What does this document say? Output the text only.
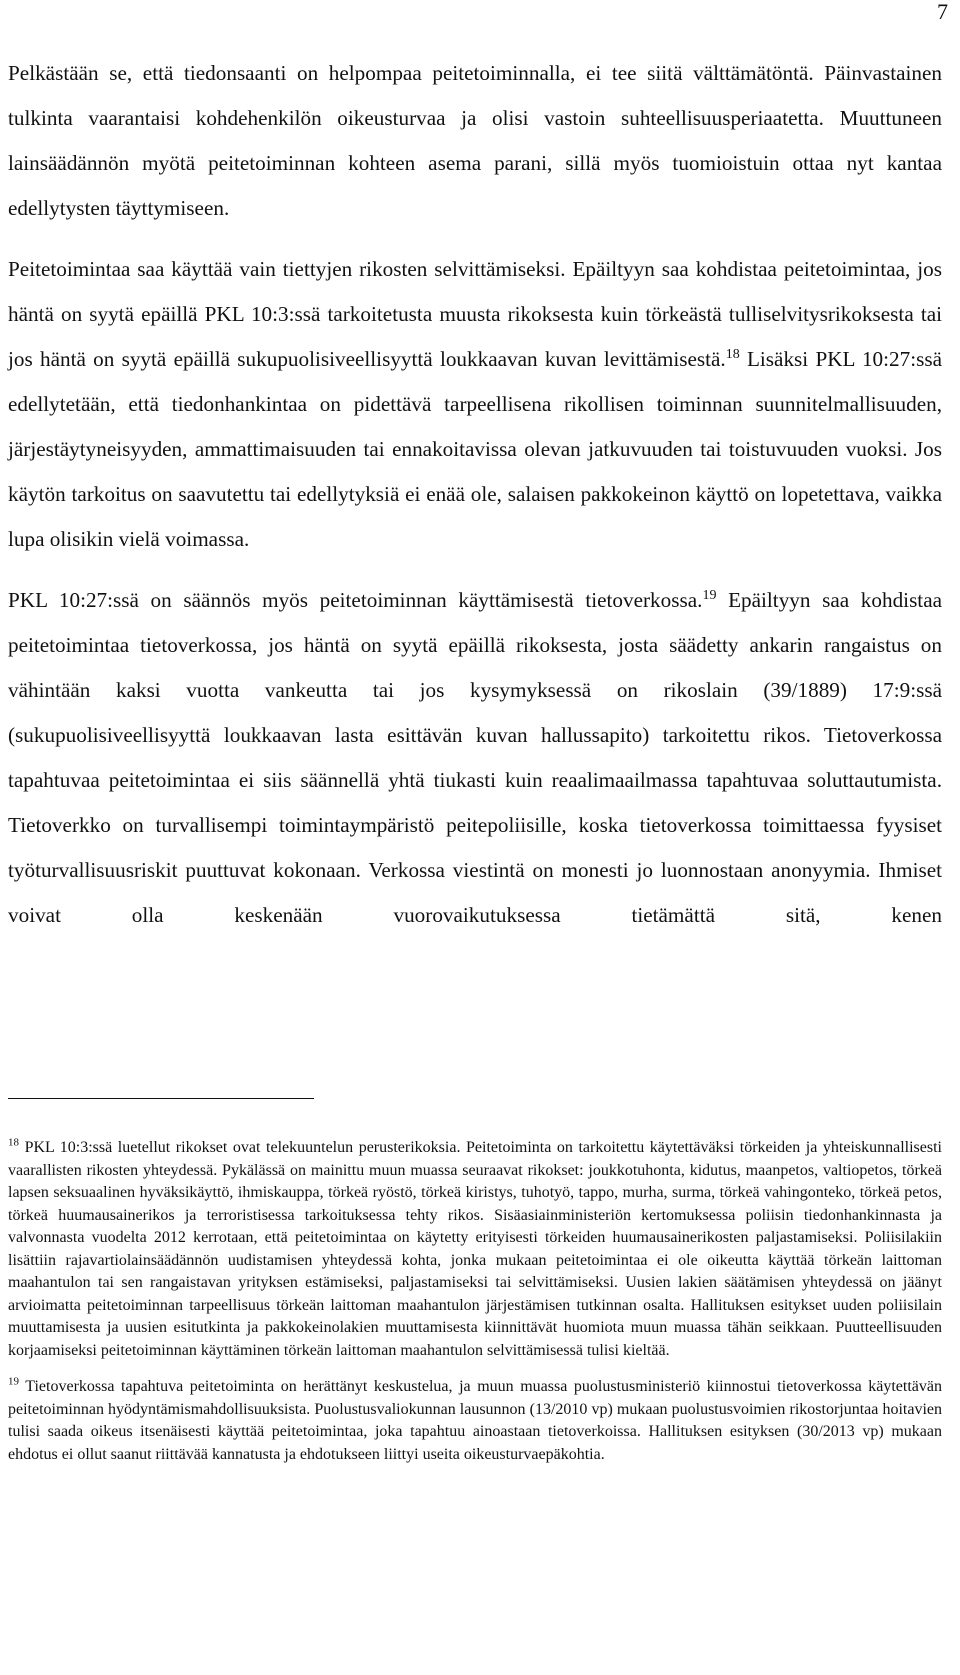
7

Pelkästään se, että tiedonsaanti on helpompaa peitetoiminnalla, ei tee siitä välttämätöntä. Päinvastainen tulkinta vaarantaisi kohdehenkilön oikeusturvaa ja olisi vastoin suhteellisuusperiaatetta. Muuttuneen lainsäädännön myötä peitetoiminnan kohteen asema parani, sillä myös tuomioistuin ottaa nyt kantaa edellytysten täyttymiseen.

Peitetoimintaa saa käyttää vain tiettyjen rikosten selvittämiseksi. Epäiltyyn saa kohdistaa peitetoimintaa, jos häntä on syytä epäillä PKL 10:3:ssä tarkoitetusta muusta rikoksesta kuin törkeästä tulliselvitysrikoksesta tai jos häntä on syytä epäillä sukupuolisiveellisyyttä loukkaavan kuvan levittämisestä.$^{18}$ Lisäksi PKL 10:27:ssä edellytetään, että tiedonhankintaa on pidettävä tarpeellisena rikollisen toiminnan suunnitelmallisuuden, järjestäytyneisyyden, ammattimaisuuden tai ennakoitavissa olevan jatkuvuuden tai toistuvuuden vuoksi. Jos käytön tarkoitus on saavutettu tai edellytyksiä ei enää ole, salaisen pakkokeinon käyttö on lopetettava, vaikka lupa olisikin vielä voimassa.

PKL 10:27:ssä on säännös myös peitetoiminnan käyttämisestä tietoverkossa.$^{19}$ Epäiltyyn saa kohdistaa peitetoimintaa tietoverkossa, jos häntä on syytä epäillä rikoksesta, josta säädetty ankarin rangaistus on vähintään kaksi vuotta vankeutta tai jos kysymyksessä on rikoslain (39/1889) 17:9:ssä (sukupuolisiveellisyyttä loukkaavan lasta esittävän kuvan hallussapito) tarkoitettu rikos. Tietoverkossa tapahtuvaa peitetoimintaa ei siis säännellä yhtä tiukasti kuin reaalimaailmassa tapahtuvaa soluttautumista. Tietoverkko on turvallisempi toimintaympäristö peitepoliisille, koska tietoverkossa toimittaessa fyysiset työturvallisuusriskit puuttuvat kokonaan. Verkossa viestintä on monesti jo luonnostaan anonyymia. Ihmiset voivat olla keskenään vuorovaikutuksessa tietämättä sitä, kenen

$^{18}$ PKL 10:3:ssä luetellut rikokset ovat telekuuntelun perusterikoksia. Peitetoiminta on tarkoitettu käytettäväksi törkeiden ja yhteiskunnallisesti vaarallisten rikosten yhteydessä. Pykälässä on mainittu muun muassa seuraavat rikokset: joukkotuhonta, kidutus, maanpetos, valtiopetos, törkeä lapsen seksuaalinen hyväksikäyttö, ihmiskauppa, törkeä ryöstö, törkeä kiristys, tuhotyö, tappo, murha, surma, törkeä vahingonteko, törkeä petos, törkeä huumausainerikos ja terroristisessa tarkoituksessa tehty rikos. Sisäasiainministeriön kertomuksessa poliisin tiedonhankinnasta ja valvonnasta vuodelta 2012 kerrotaan, että peitetoimintaa on käytetty erityisesti törkeiden huumausainerikosten paljastamiseksi. Poliisilakiin lisättiin rajavartiolainsäädännön uudistamisen yhteydessä kohta, jonka mukaan peitetoimintaa ei ole oikeutta käyttää törkeän laittoman maahantulon tai sen rangaistavan yrityksen estämiseksi, paljastamiseksi tai selvittämiseksi. Uusien lakien säätämisen yhteydessä on jäänyt arvioimatta peitetoiminnan tarpeellisuus törkeän laittoman maahantulon järjestämisen tutkinnan osalta. Hallituksen esitykset uuden poliisilain muuttamisesta ja uusien esitutkinta ja pakkokeinolakien muuttamisesta kiinnittävät huomiota muun muassa tähän seikkaan. Puutteellisuuden korjaamiseksi peitetoiminnan käyttäminen törkeän laittoman maahantulon selvittämisessä tulisi kieltää.

$^{19}$ Tietoverkossa tapahtuva peitetoiminta on herättänyt keskustelua, ja muun muassa puolustusministeriö kiinnostui tietoverkossa käytettävän peitetoiminnan hyödyntämismahdollisuuksista. Puolustusvaliokunnan lausunnon (13/2010 vp) mukaan puolustusvoimien rikostorjuntaa hoitavien tulisi saada oikeus itsenäisesti käyttää peitetoimintaa, joka tapahtuu ainoastaan tietoverkoissa. Hallituksen esityksen (30/2013 vp) mukaan ehdotus ei ollut saanut riittävää kannatusta ja ehdotukseen liittyi useita oikeusturvaepäkohtia.
